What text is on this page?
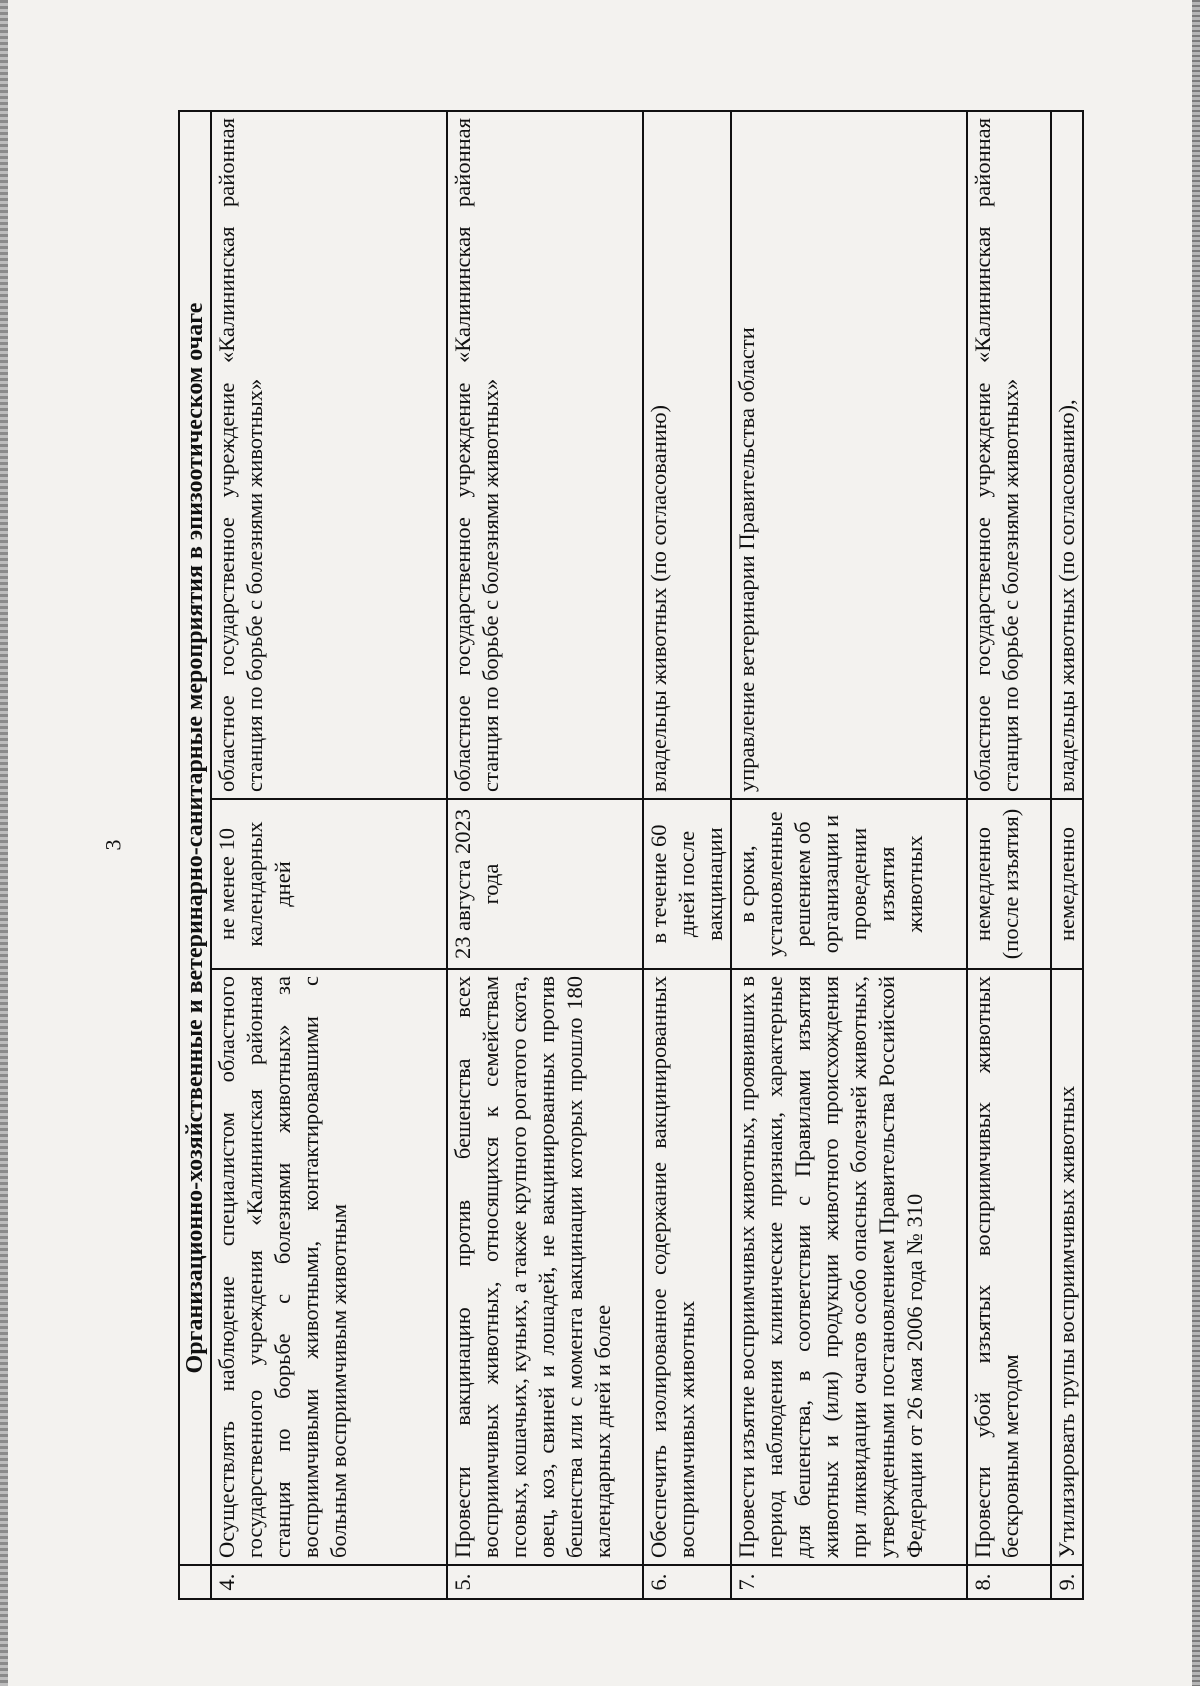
3
	Организационно-хозяйственные и ветеринарно-санитарные мероприятия в эпизоотическом очаге		
4.	Осуществлять наблюдение специалистом областного государственного учреждения «Калининская районная станция по борьбе с болезнями животных» за восприимчивыми животными, контактировавшими с больным восприимчивым животным	не менее 10 календарных дней	областное государственное учреждение «Калининская районная станция по борьбе с болезнями животных»
5.	Провести вакцинацию против бешенства всех восприимчивых животных, относящихся к семействам псовых, кошачьих, куньих, а также крупного рогатого скота, овец, коз, свиней и лошадей, не вакцинированных против бешенства или с момента вакцинации которых прошло 180 календарных дней и более	23 августа 2023 года	областное государственное учреждение «Калининская районная станция по борьбе с болезнями животных»
6.	Обеспечить изолированное содержание вакцинированных восприимчивых животных	в течение 60 дней после вакцинации	владельцы животных (по согласованию)
7.	Провести изъятие восприимчивых животных, проявивших в период наблюдения клинические признаки, характерные для бешенства, в соответствии с Правилами изъятия животных и (или) продукции животного происхождения при ликвидации очагов особо опасных болезней животных, утвержденными постановлением Правительства Российской Федерации от 26 мая 2006 года № 310	в сроки, установленные решением об организации и проведении изъятия животных	управление ветеринарии Правительства области
8.	Провести убой изъятых восприимчивых животных бескровным методом	немедленно (после изъятия)	областное государственное учреждение «Калининская районная станция по борьбе с болезнями животных»
9.	Утилизировать трупы восприимчивых животных	немедленно	владельцы животных (по согласованию),
